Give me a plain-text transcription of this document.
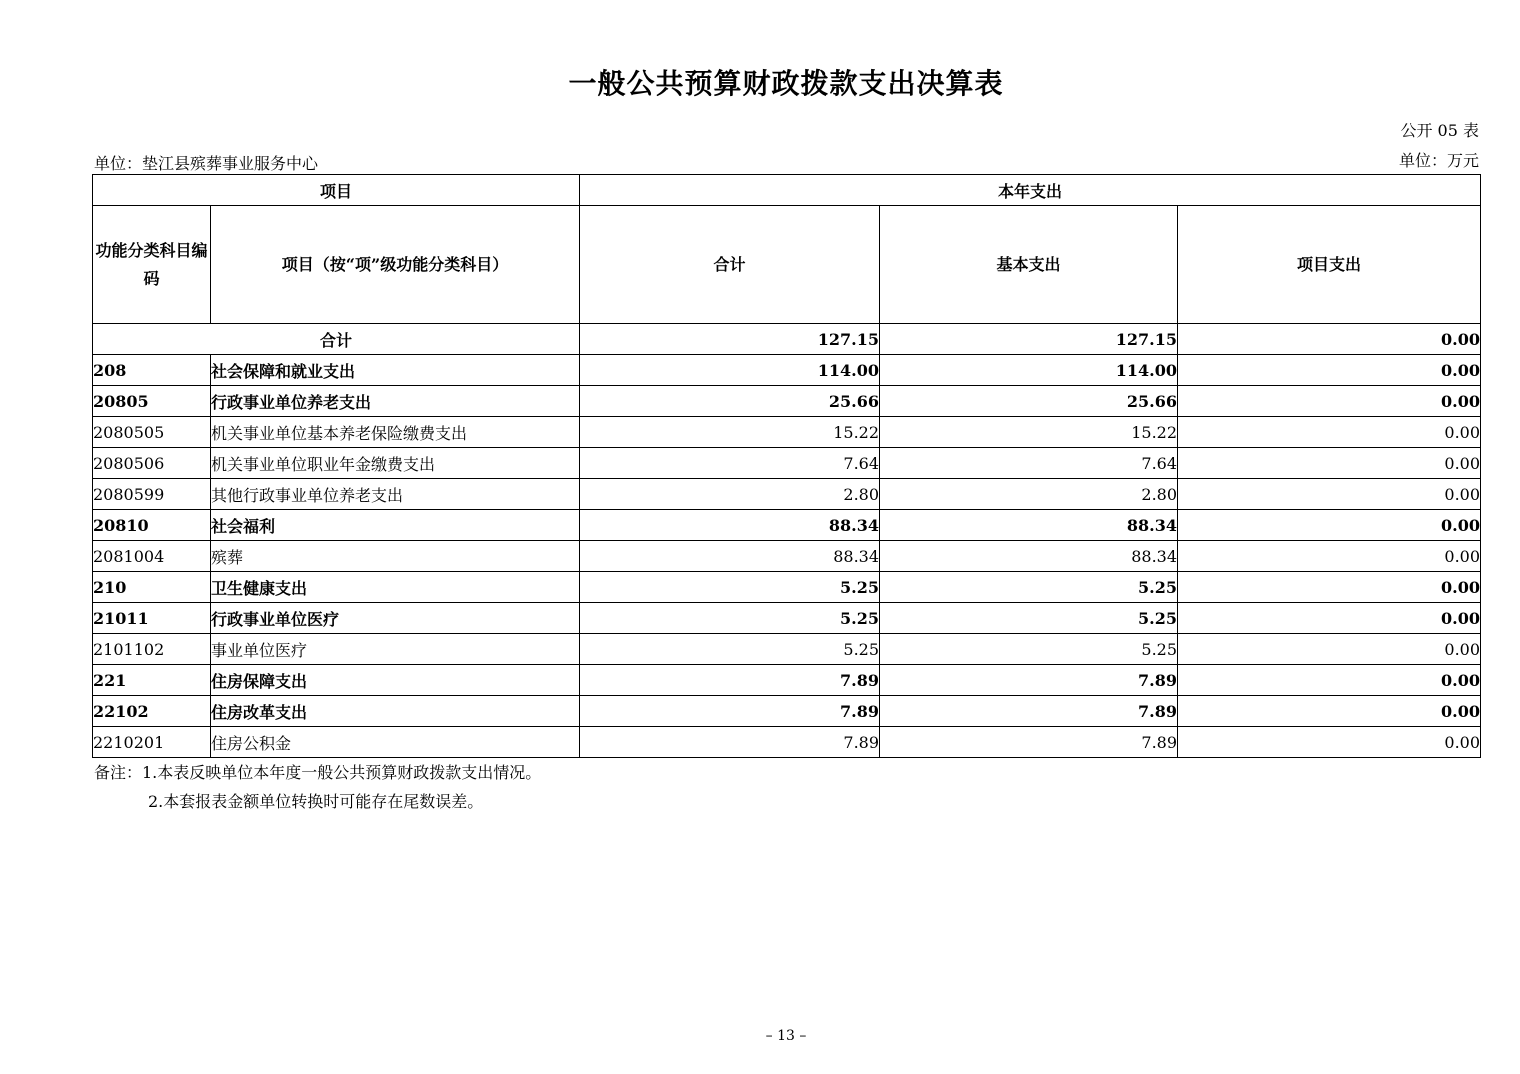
一般公共预算财政拨款支出决算表
公开 05 表
单位：垫江县殡葬事业服务中心	单位：万元
项目		本年支出		
功能分类科目编码	项目（按“项”级功能分类科目）	合计	基本支出	项目支出
合计		127.15	127.15	0.00
208	社会保障和就业支出	114.00	114.00	0.00
20805	行政事业单位养老支出	25.66	25.66	0.00
2080505	机关事业单位基本养老保险缴费支出	15.22	15.22	0.00
2080506	机关事业单位职业年金缴费支出	7.64	7.64	0.00
2080599	其他行政事业单位养老支出	2.80	2.80	0.00
20810	社会福利	88.34	88.34	0.00
2081004	殡葬	88.34	88.34	0.00
210	卫生健康支出	5.25	5.25	0.00
21011	行政事业单位医疗	5.25	5.25	0.00
2101102	事业单位医疗	5.25	5.25	0.00
221	住房保障支出	7.89	7.89	0.00
22102	住房改革支出	7.89	7.89	0.00
2210201	住房公积金	7.89	7.89	0.00
备注：1.本表反映单位本年度一般公共预算财政拨款支出情况。
2.本套报表金额单位转换时可能存在尾数误差。
– 13 –
